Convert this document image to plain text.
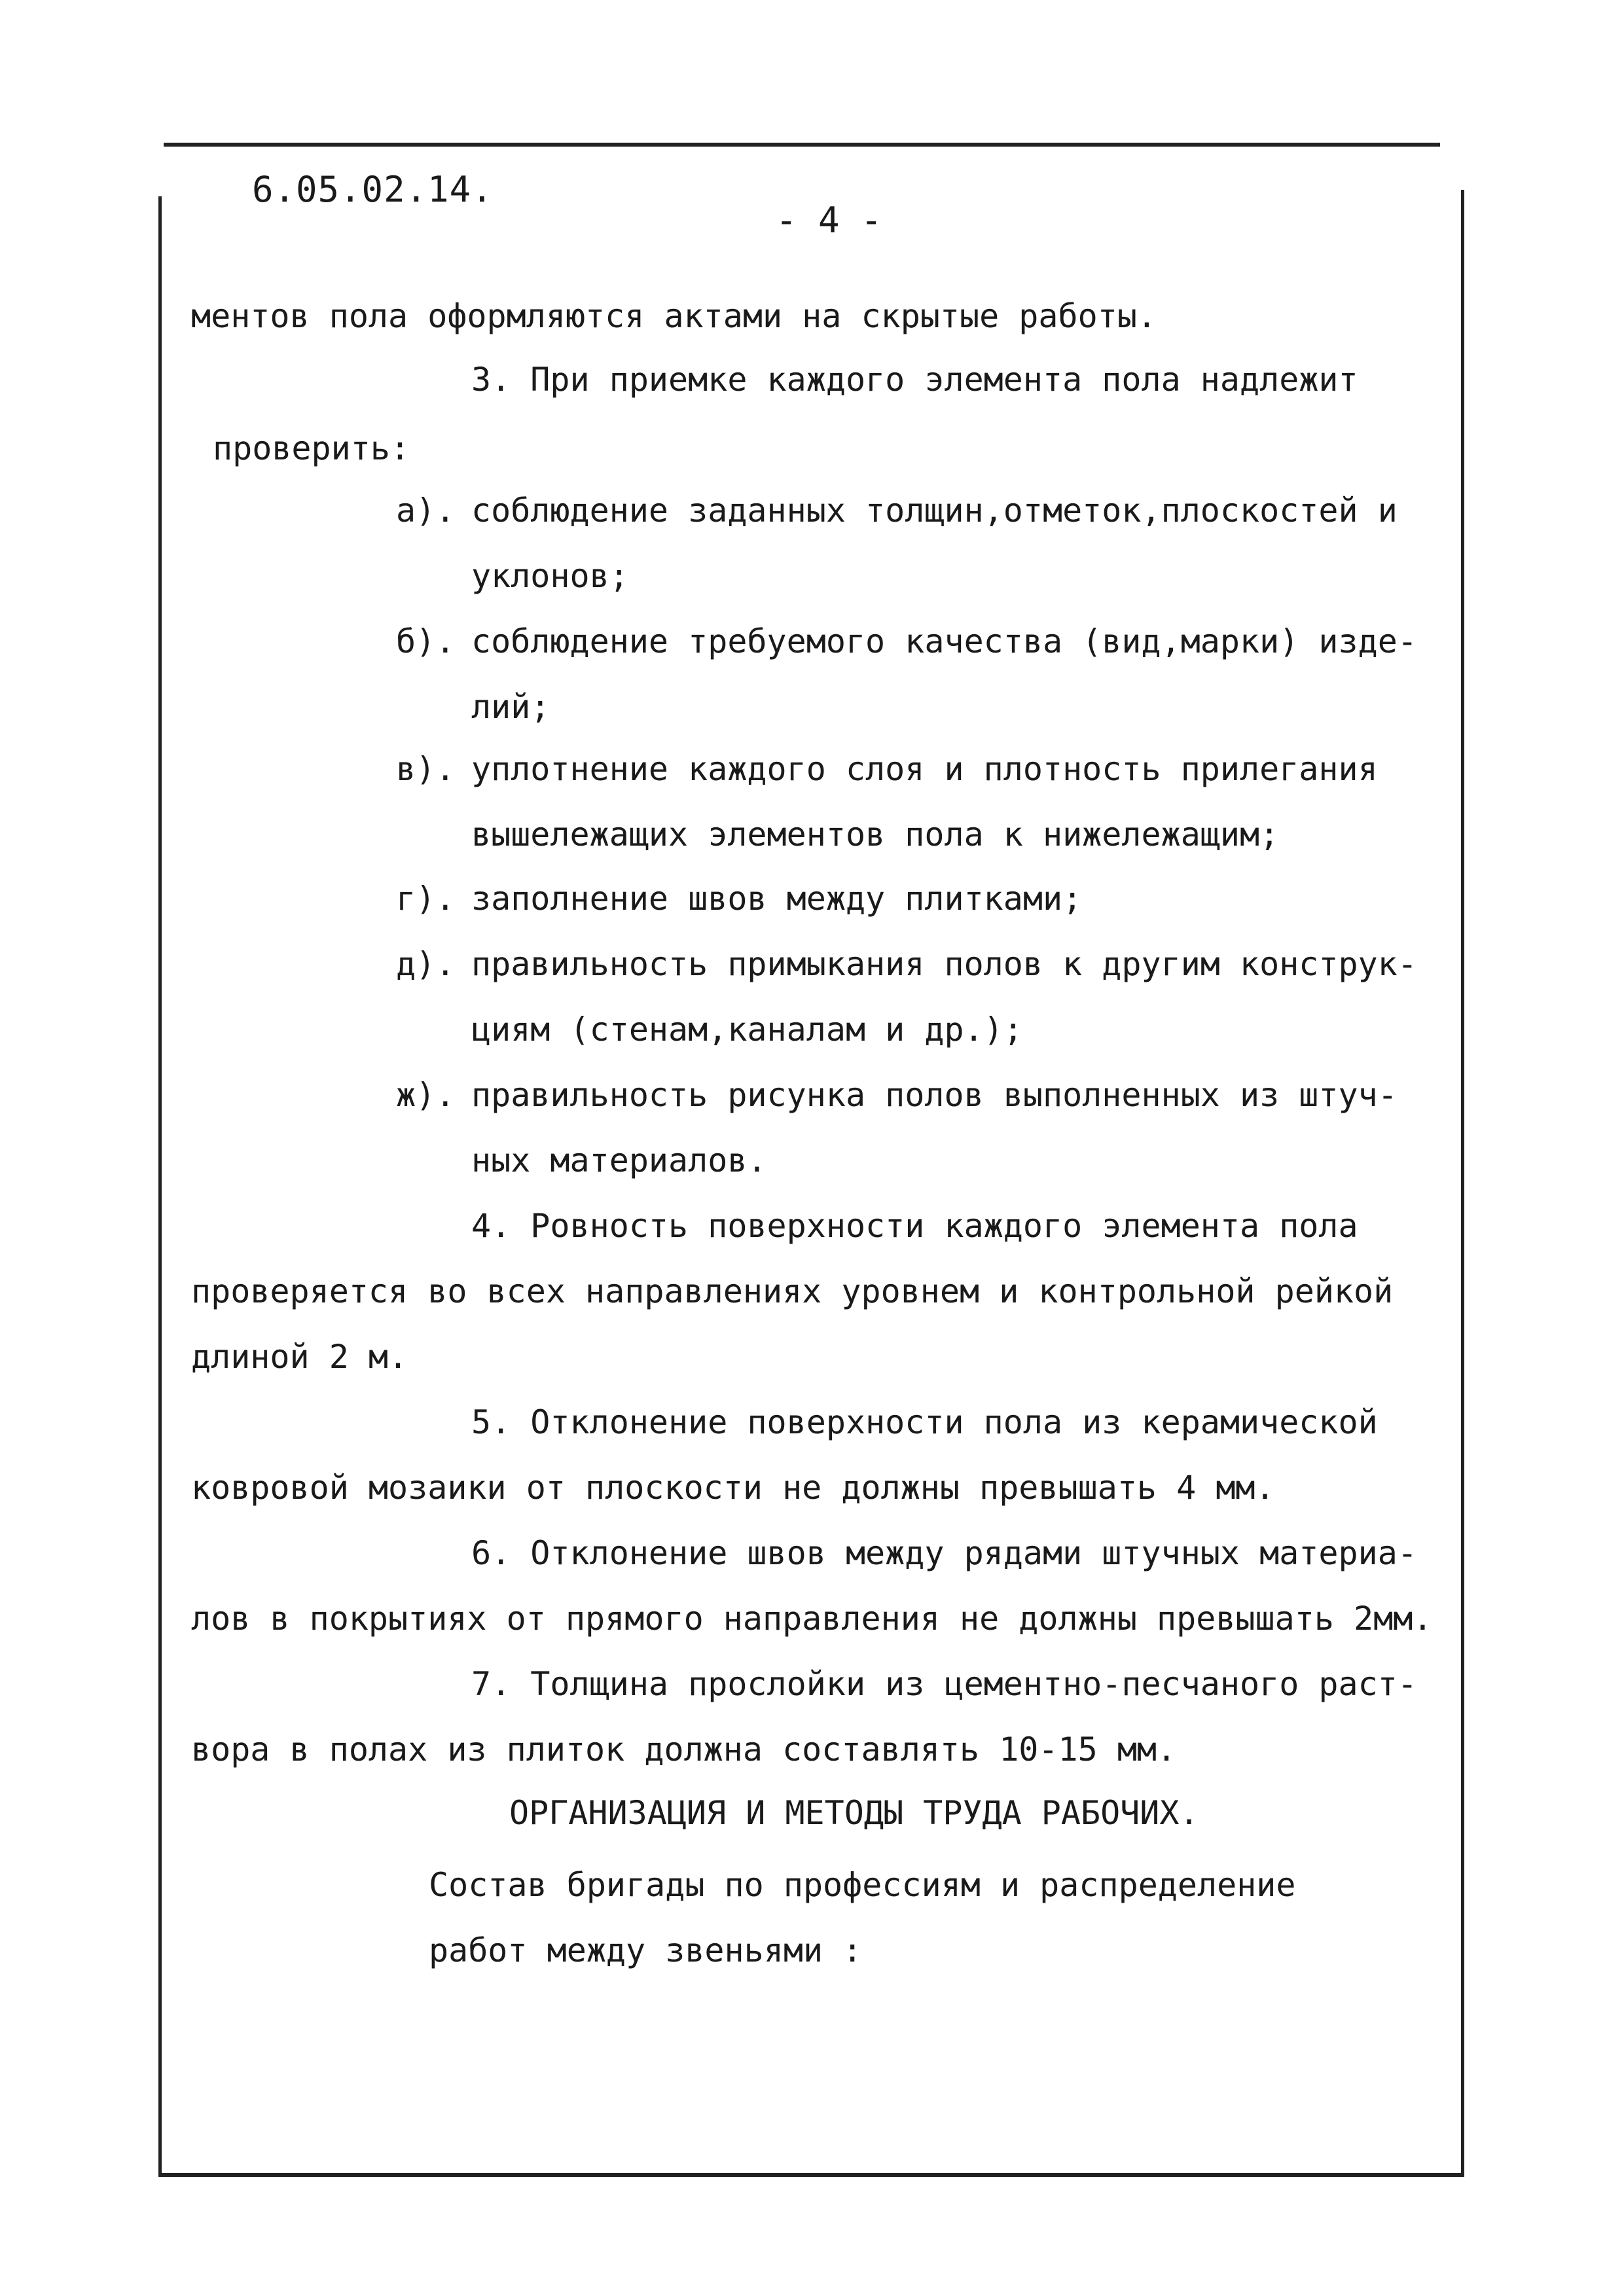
6.05.02.14.
- 4 -
ментов пола оформляются актами на скрытые работы.
3. При приемке каждого элемента пола надлежит
проверить:
а). соблюдение заданных толщин,отметок,плоскостей и
уклонов;
б). соблюдение требуемого качества (вид,марки) изде-
лий;
в). уплотнение каждого слоя и плотность прилегания
вышележащих элементов пола к нижележащим;
г). заполнение швов между плитками;
д). правильность примыкания полов к другим конструк-
циям (стенам,каналам и др.);
ж). правильность рисунка полов выполненных из штуч-
ных материалов.
4. Ровность поверхности каждого элемента пола
проверяется во всех направлениях уровнем и контрольной рейкой
длиной 2 м.
5. Отклонение поверхности пола из керамической
ковровой мозаики от плоскости не должны превышать 4 мм.
6. Отклонение швов между рядами штучных материа-
лов в покрытиях от прямого направления не должны превышать 2мм.
7. Толщина прослойки из цементно-песчаного раст-
вора в полах из плиток должна составлять 10-15 мм.
ОРГАНИЗАЦИЯ И МЕТОДЫ ТРУДА РАБОЧИХ.
Состав бригады по профессиям и распределение
работ между звеньями :
